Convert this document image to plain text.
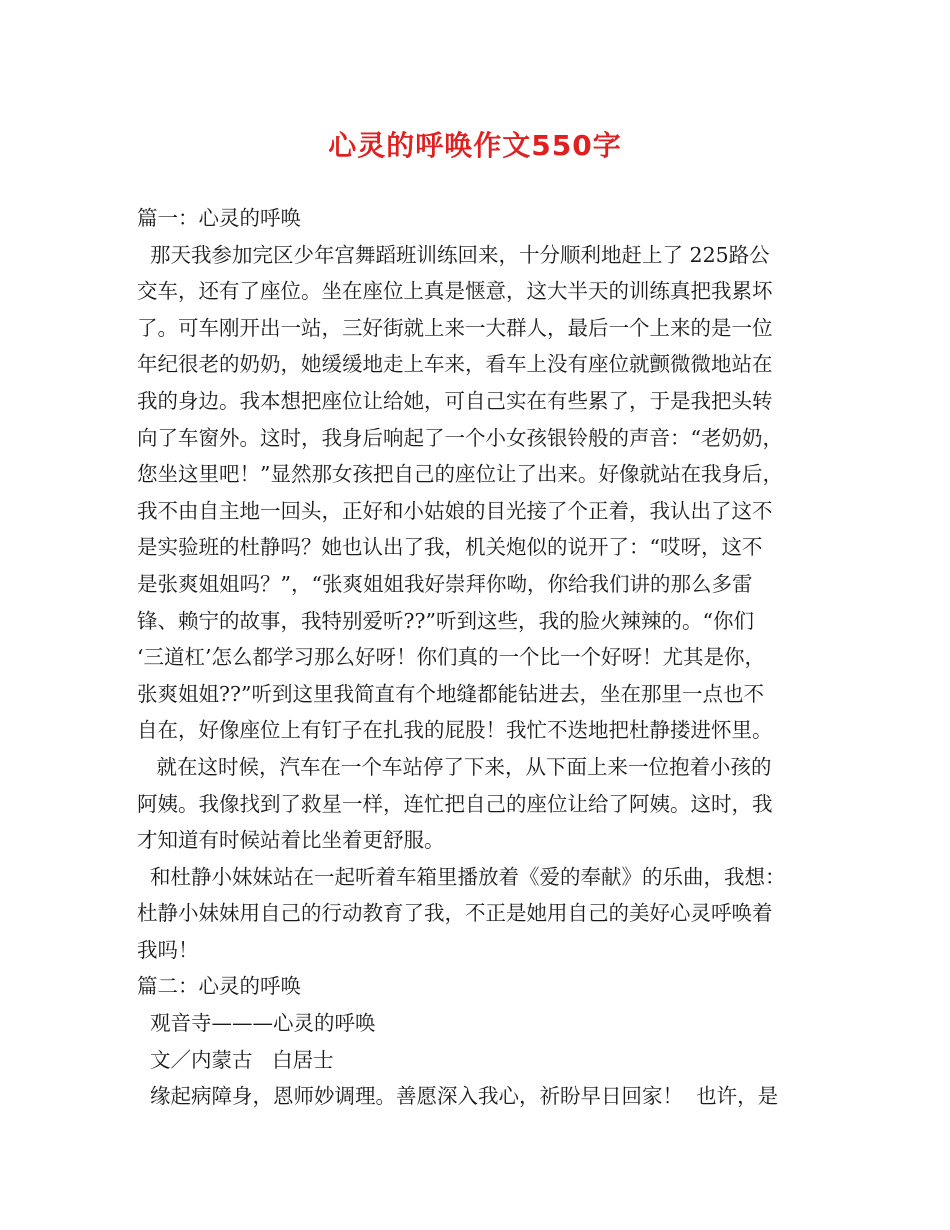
心灵的呼唤作文550字
篇一：心灵的呼唤
那天我参加完区少年宫舞蹈班训练回来，十分顺利地赶上了 225路公
交车，还有了座位。坐在座位上真是惬意，这大半天的训练真把我累坏
了。可车刚开出一站，三好街就上来一大群人，最后一个上来的是一位
年纪很老的奶奶，她缓缓地走上车来，看车上没有座位就颤微微地站在
我的身边。我本想把座位让给她，可自己实在有些累了，于是我把头转
向了车窗外。这时，我身后响起了一个小女孩银铃般的声音：“老奶奶，
您坐这里吧！”显然那女孩把自己的座位让了出来。好像就站在我身后，
我不由自主地一回头，正好和小姑娘的目光接了个正着，我认出了这不
是实验班的杜静吗？她也认出了我，机关炮似的说开了：“哎呀，这不
是张爽姐姐吗？”，“张爽姐姐我好崇拜你呦，你给我们讲的那么多雷
锋、赖宁的故事，我特别爱听??”听到这些，我的脸火辣辣的。“你们
‘三道杠’怎么都学习那么好呀！你们真的一个比一个好呀！尤其是你，
张爽姐姐??”听到这里我简直有个地缝都能钻进去，坐在那里一点也不
自在，好像座位上有钉子在扎我的屁股！我忙不迭地把杜静搂进怀里。
就在这时候，汽车在一个车站停了下来，从下面上来一位抱着小孩的
阿姨。我像找到了救星一样，连忙把自己的座位让给了阿姨。这时，我
才知道有时候站着比坐着更舒服。
和杜静小妹妹站在一起听着车箱里播放着《爱的奉献》的乐曲，我想：
杜静小妹妹用自己的行动教育了我，不正是她用自己的美好心灵呼唤着
我吗！
篇二：心灵的呼唤
观音寺———心灵的呼唤
文／内蒙古   白居士
缘起病障身，恩师妙调理。善愿深入我心，祈盼早日回家！  也许，是
